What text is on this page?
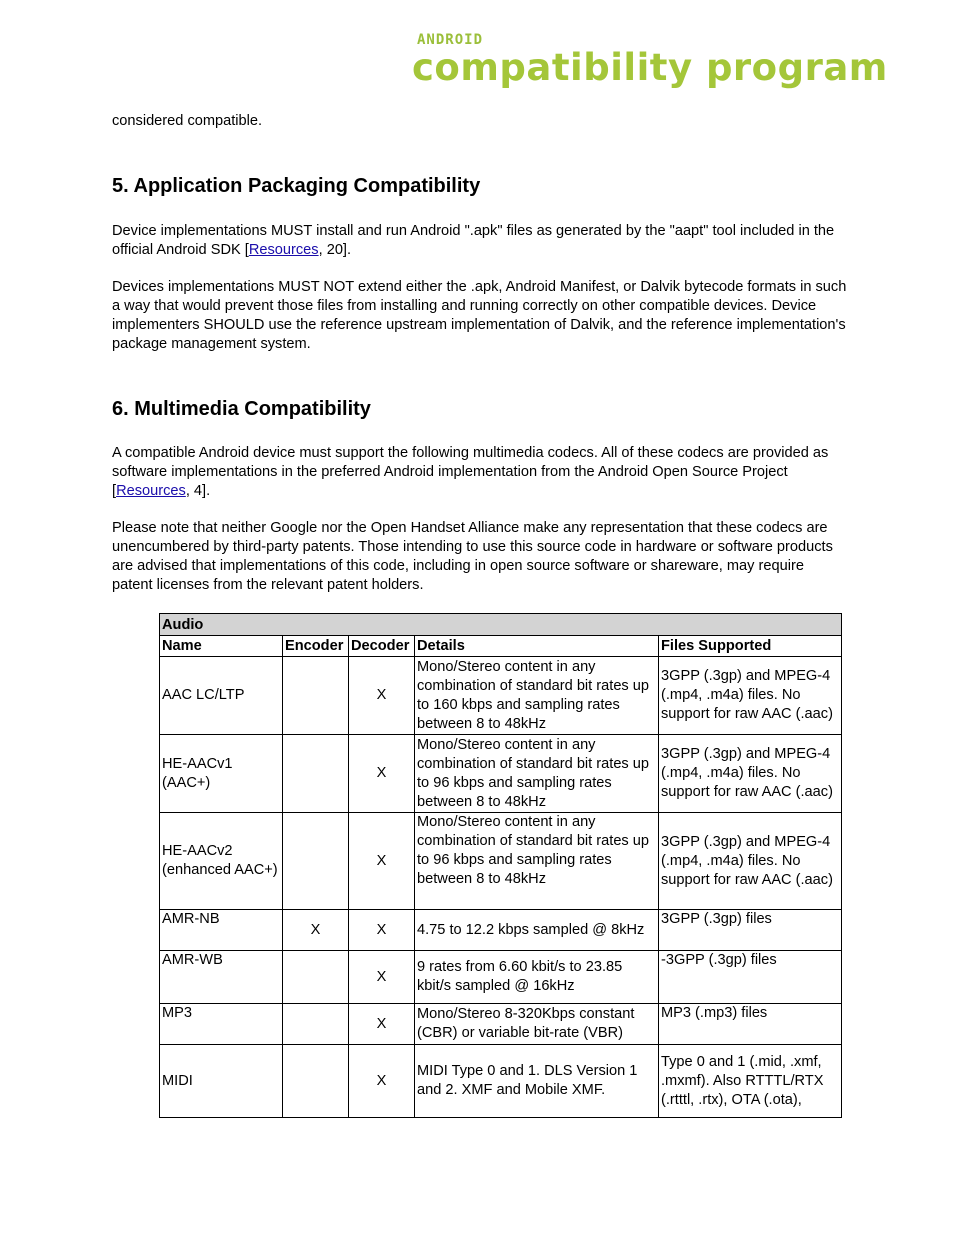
ANDROID
compatibility program

considered compatible.

5. Application Packaging Compatibility

Device implementations MUST install and run Android ".apk" files as generated by the "aapt" tool included in the official Android SDK [Resources, 20].

Devices implementations MUST NOT extend either the .apk, Android Manifest, or Dalvik bytecode formats in such a way that would prevent those files from installing and running correctly on other compatible devices. Device implementers SHOULD use the reference upstream implementation of Dalvik, and the reference implementation's package management system.

6. Multimedia Compatibility

A compatible Android device must support the following multimedia codecs. All of these codecs are provided as software implementations in the preferred Android implementation from the Android Open Source Project [Resources, 4].

Please note that neither Google nor the Open Handset Alliance make any representation that these codecs are unencumbered by third-party patents. Those intending to use this source code in hardware or software products are advised that implementations of this code, including in open source software or shareware, may require patent licenses from the relevant patent holders.

Audio				
Name	Encoder	Decoder	Details	Files Supported
AAC LC/LTP		X	Mono/Stereo content in any combination of standard bit rates up to 160 kbps and sampling rates between 8 to 48kHz	3GPP (.3gp) and MPEG-4 (.mp4, .m4a) files. No support for raw AAC (.aac)
HE-AACv1 (AAC+)		X	Mono/Stereo content in any combination of standard bit rates up to 96 kbps and sampling rates between 8 to 48kHz	3GPP (.3gp) and MPEG-4 (.mp4, .m4a) files. No support for raw AAC (.aac)
HE-AACv2 (enhanced AAC+)		X	Mono/Stereo content in any combination of standard bit rates up to 96 kbps and sampling rates between 8 to 48kHz	3GPP (.3gp) and MPEG-4 (.mp4, .m4a) files. No support for raw AAC (.aac)
AMR-NB	X	X	4.75 to 12.2 kbps sampled @ 8kHz	3GPP (.3gp) files
AMR-WB		X	9 rates from 6.60 kbit/s to 23.85 kbit/s sampled @ 16kHz	-3GPP (.3gp) files
MP3		X	Mono/Stereo 8-320Kbps constant (CBR) or variable bit-rate (VBR)	MP3 (.mp3) files
MIDI		X	MIDI Type 0 and 1. DLS Version 1 and 2. XMF and Mobile XMF.	Type 0 and 1 (.mid, .xmf, .mxmf). Also RTTTL/RTX (.rtttl, .rtx), OTA (.ota),
